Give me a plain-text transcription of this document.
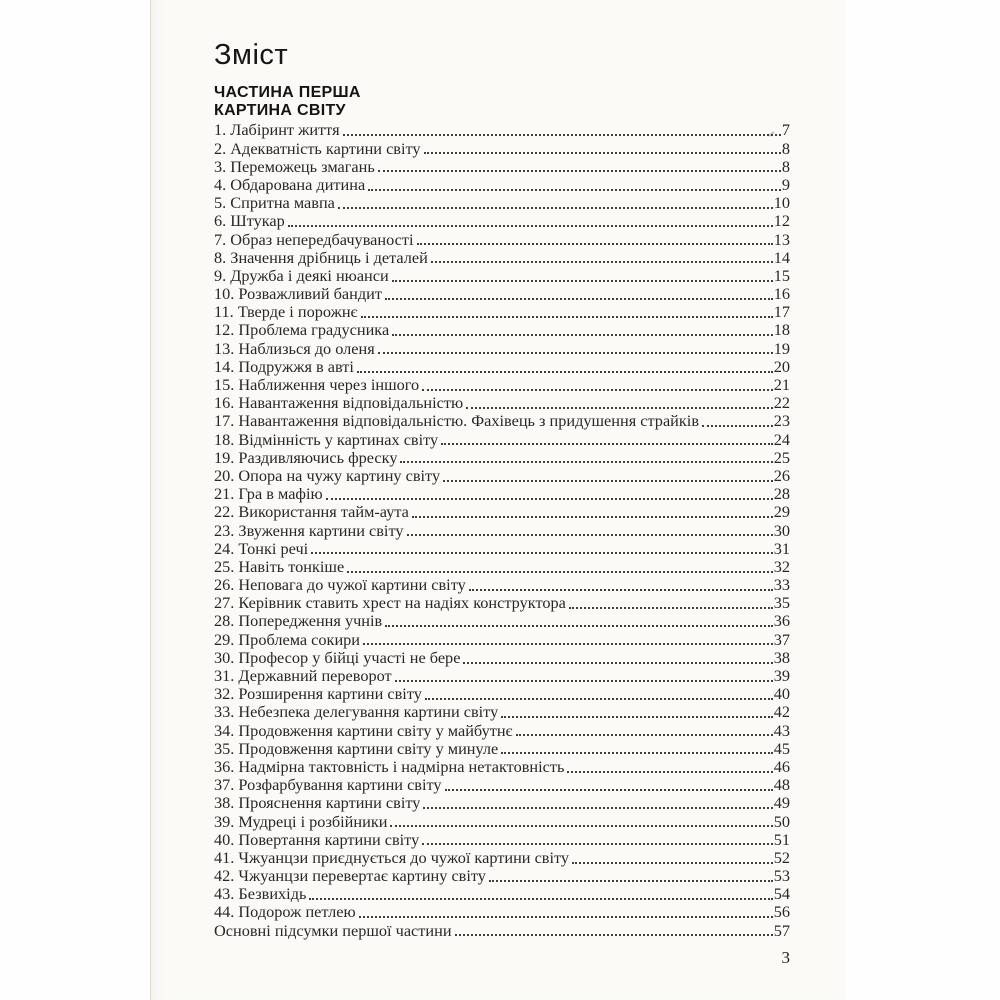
Зміст
ЧАСТИНА ПЕРША
КАРТИНА СВІТУ
1. Лабіринт життя	7
2. Адекватність картини світу	8
3. Переможець змагань	8
4. Обдарована дитина	9
5. Спритна мавпа	10
6. Штукар	12
7. Образ непередбачуваності	13
8. Значення дрібниць і деталей	14
9. Дружба і деякі нюанси	15
10. Розважливий бандит	16
11. Тверде і порожнє	17
12. Проблема градусника	18
13. Наблизься до оленя	19
14. Подружжя в авті	20
15. Наближення через іншого	21
16. Навантаження відповідальністю	22
17. Навантаження відповідальністю. Фахівець з придушення страйків	23
18. Відмінність у картинах світу	24
19. Раздивляючись фреску	25
20. Опора на чужу картину світу	26
21. Гра в мафію	28
22. Використання тайм-аута	29
23. Звуження картини світу	30
24. Тонкі речі	31
25. Навіть тонкіше	32
26. Неповага до чужої картини світу	33
27. Керівник ставить хрест на надіях конструктора	35
28. Попередження учнів	36
29. Проблема сокири	37
30. Професор у бійці участі не бере	38
31. Державний переворот	39
32. Розширення картини світу	40
33. Небезпека делегування картини світу	42
34. Продовження картини світу у майбутнє	43
35. Продовження картини світу у минуле	45
36. Надмірна тактовність і надмірна нетактовність	46
37. Розфарбування картини світу	48
38. Прояснення картини світу	49
39. Мудреці і розбійники	50
40. Повертання картини світу	51
41. Чжуанцзи приєднується до чужої картини світу	52
42. Чжуанцзи перевертає картину світу	53
43. Безвихідь	54
44. Подорож петлею	56
Основні підсумки першої частини	57
3
